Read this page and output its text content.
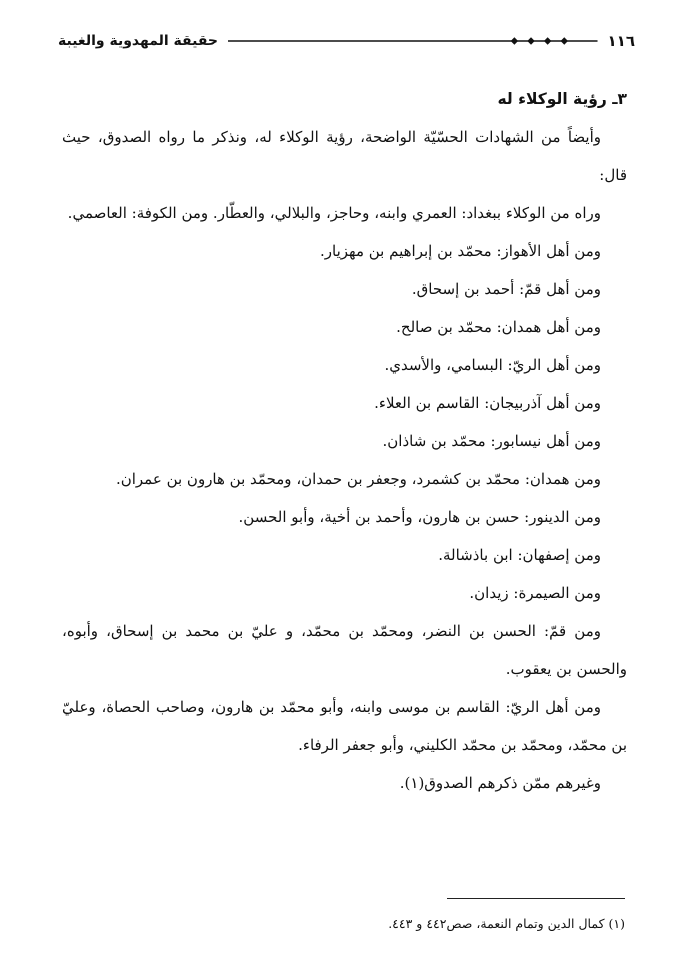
١١٦
حقيقة المهدوية والغيبة
٣ـ رؤية الوكلاء له

وأيضاً من الشهادات الحسّيّة الواضحة، رؤية الوكلاء له، ونذكر ما رواه الصدوق، حيث قال:

وراه من الوكلاء ببغداد: العمري وابنه، وحاجز، والبلالي، والعطّار. ومن الكوفة: العاصمي.

ومن أهل الأهواز: محمّد بن إبراهيم بن مهزيار.

ومن أهل قمّ: أحمد بن إسحاق.

ومن أهل همدان: محمّد بن صالح.

ومن أهل الريّ: البسامي، والأسدي.

ومن أهل آذربيجان: القاسم بن العلاء.

ومن أهل نيسابور: محمّد بن شاذان.

ومن همدان: محمّد بن كشمرد، وجعفر بن حمدان، ومحمّد بن هارون بن عمران.

ومن الدينور: حسن بن هارون، وأحمد بن أخية، وأبو الحسن.

ومن إصفهان: ابن باذشالة.

ومن الصيمرة: زيدان.

ومن قمّ: الحسن بن النضر، ومحمّد بن محمّد، و عليّ بن محمد بن إسحاق، وأبوه، والحسن بن يعقوب.

ومن أهل الريّ: القاسم بن موسى وابنه، وأبو محمّد بن هارون، وصاحب الحصاة، وعليّ بن محمّد، ومحمّد بن محمّد الكليني، وأبو جعفر الرفاء.

وغيرهم ممّن ذكرهم الصدوق(١).

(١) كمال الدين وتمام النعمة، صص٤٤٢ و ٤٤٣.
